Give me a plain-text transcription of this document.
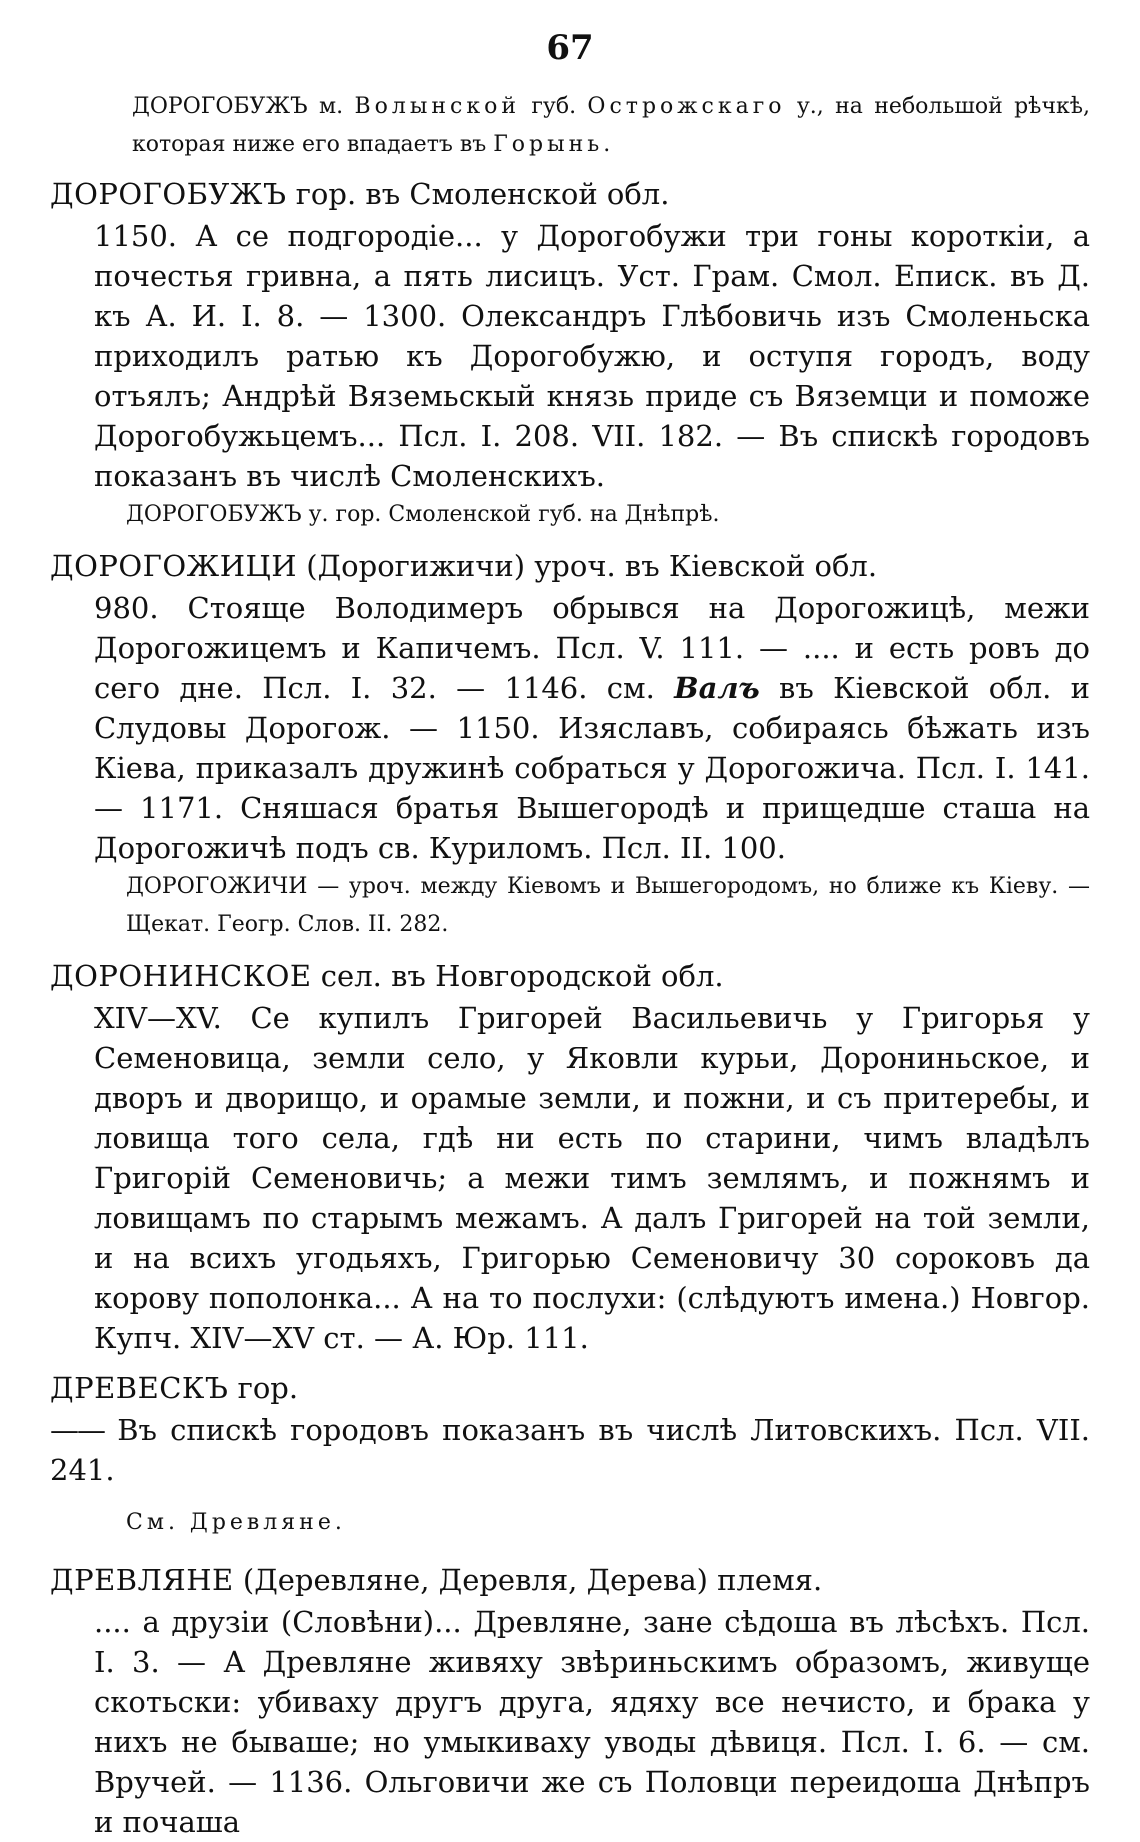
67

ДОРОГОБУЖЪ м. Волынской губ. Острожскаго у., на небольшой рѣчкѣ, которая ниже его впадаетъ въ Горынь.

ДОРОГОБУЖЪ гор. въ Смоленской обл.

1150. А се подгородіе... у Дорогобужи три гоны короткіи, а почестья гривна, а пять лисицъ. Уст. Грам. Смол. Еписк. въ Д. къ А. И. І. 8. — 1300. Олександръ Глѣбовичь изъ Смоленьска приходилъ ратью къ Дорогобужю, и оступя городъ, воду отъялъ; Андрѣй Вяземьскый князь приде съ Вяземци и поможе Дорогобужьцемъ... Псл. І. 208. VII. 182. — Въ спискѣ городовъ показанъ въ числѣ Смоленскихъ.

ДОРОГОБУЖЪ у. гор. Смоленской губ. на Днѣпрѣ.

ДОРОГОЖИЦИ (Дорогижичи) уроч. въ Кіевской обл.

980. Стояще Володимеръ обрывся на Дорогожицѣ, межи Дорогожицемъ и Капичемъ. Псл. V. 111. — .... и есть ровъ до сего дне. Псл. І. 32. — 1146. см. Валъ въ Кіевской обл. и Слудовы Дорогож. — 1150. Изяславъ, собираясь бѣжать изъ Кіева, приказалъ дружинѣ собраться у Дорогожича. Псл. І. 141. — 1171. Сняшася братья Вышегородѣ и прищедше сташа на Дорогожичѣ подъ св. Куриломъ. Псл. II. 100.

ДОРОГОЖИЧИ — уроч. между Кіевомъ и Вышегородомъ, но ближе къ Кіеву. — Щекат. Геогр. Слов. II. 282.

ДОРОНИНСКОЕ сел. въ Новгородской обл.

XIV—XV. Се купилъ Григорей Васильевичь у Григорья у Семеновица, земли село, у Яковли курьи, Дорониньское, и дворъ и дворищо, и орамые земли, и пожни, и съ притеребы, и ловища того села, гдѣ ни есть по старини, чимъ владѣлъ Григорій Семеновичь; а межи тимъ землямъ, и пожнямъ и ловищамъ по старымъ межамъ. А далъ Григорей на той земли, и на всихъ угодьяхъ, Григорью Семеновичу 30 сороковъ да корову пополонка... А на то послухи: (слѣдуютъ имена.) Новгор. Купч. XIV—XV ст. — А. Юр. 111.

ДРЕВЕСКЪ гор.

—— Въ спискѣ городовъ показанъ въ числѣ Литовскихъ. Псл. VII. 241.

См. Древляне.

ДРЕВЛЯНЕ (Деревляне, Деревля, Дерева) племя.

.... а друзіи (Словѣни)... Древляне, зане сѣдоша въ лѣсѣхъ. Псл. І. 3. — А Древляне живяху звѣриньскимъ образомъ, живуще скотьски: убиваху другъ друга, ядяху все нечисто, и брака у нихъ не бываше; но умыкиваху уводы дѣвиця. Псл. І. 6. — см. Вручей. — 1136. Ольговичи же съ Половци переидоша Днѣпръ и почаша
